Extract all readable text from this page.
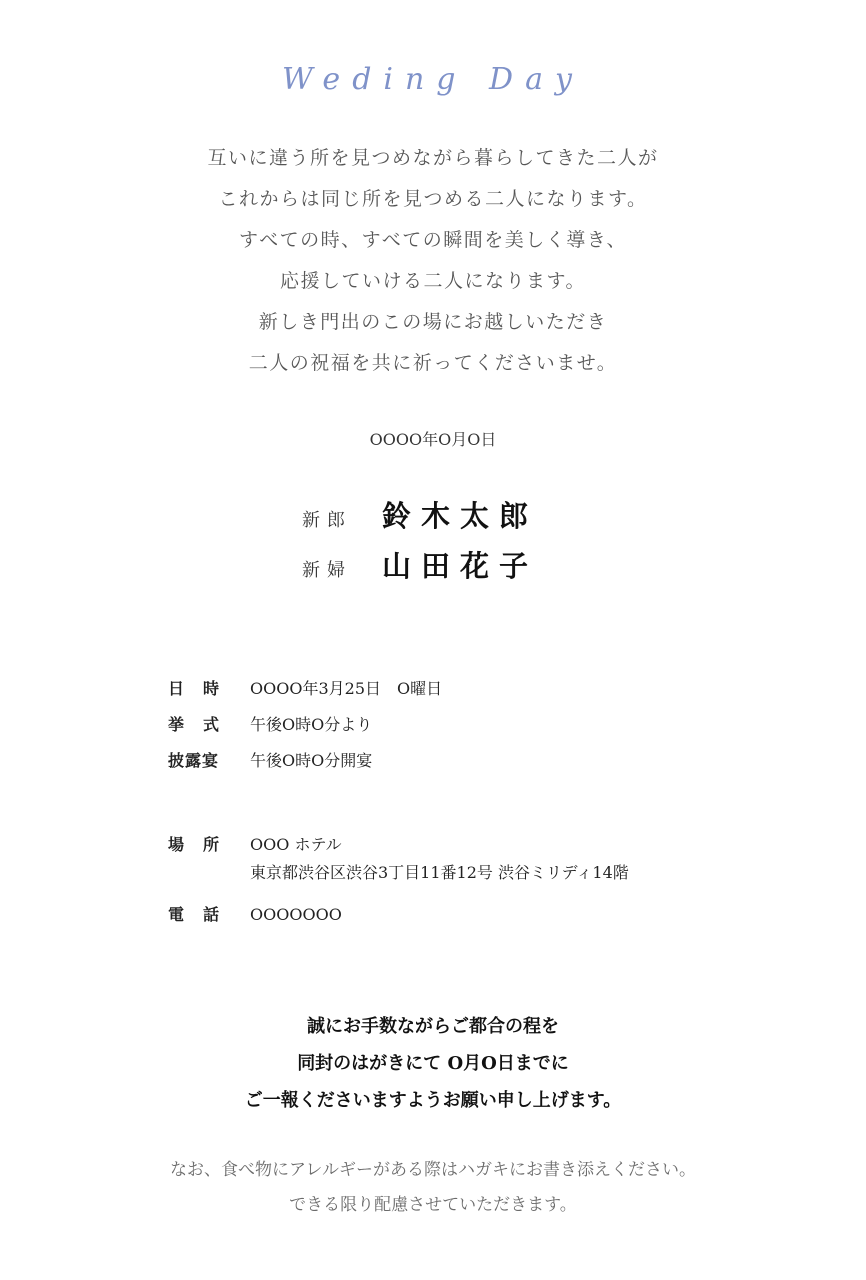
Weding Day
互いに違う所を見つめながら暮らしてきた二人が
これからは同じ所を見つめる二人になります。
すべての時、すべての瞬間を美しく導き、
応援していける二人になります。
新しき門出のこの場にお越しいただき
二人の祝福を共に祈ってくださいませ。
OOOO年O月O日
新郎	鈴木太郎
新婦	山田花子
日時 OOOO年3月25日　O曜日
挙式 午後O時O分より
披露宴	午後O時O分開宴
場所 OOO ホテル
東京都渋谷区渋谷3丁目11番12号 渋谷ミリディ14階
電話 OOOOOOO
誠にお手数ながらご都合の程を
同封のはがきにて O月O日までに
ご一報くださいますようお願い申し上げます。
なお、食べ物にアレルギーがある際はハガキにお書き添えください。
できる限り配慮させていただきます。
